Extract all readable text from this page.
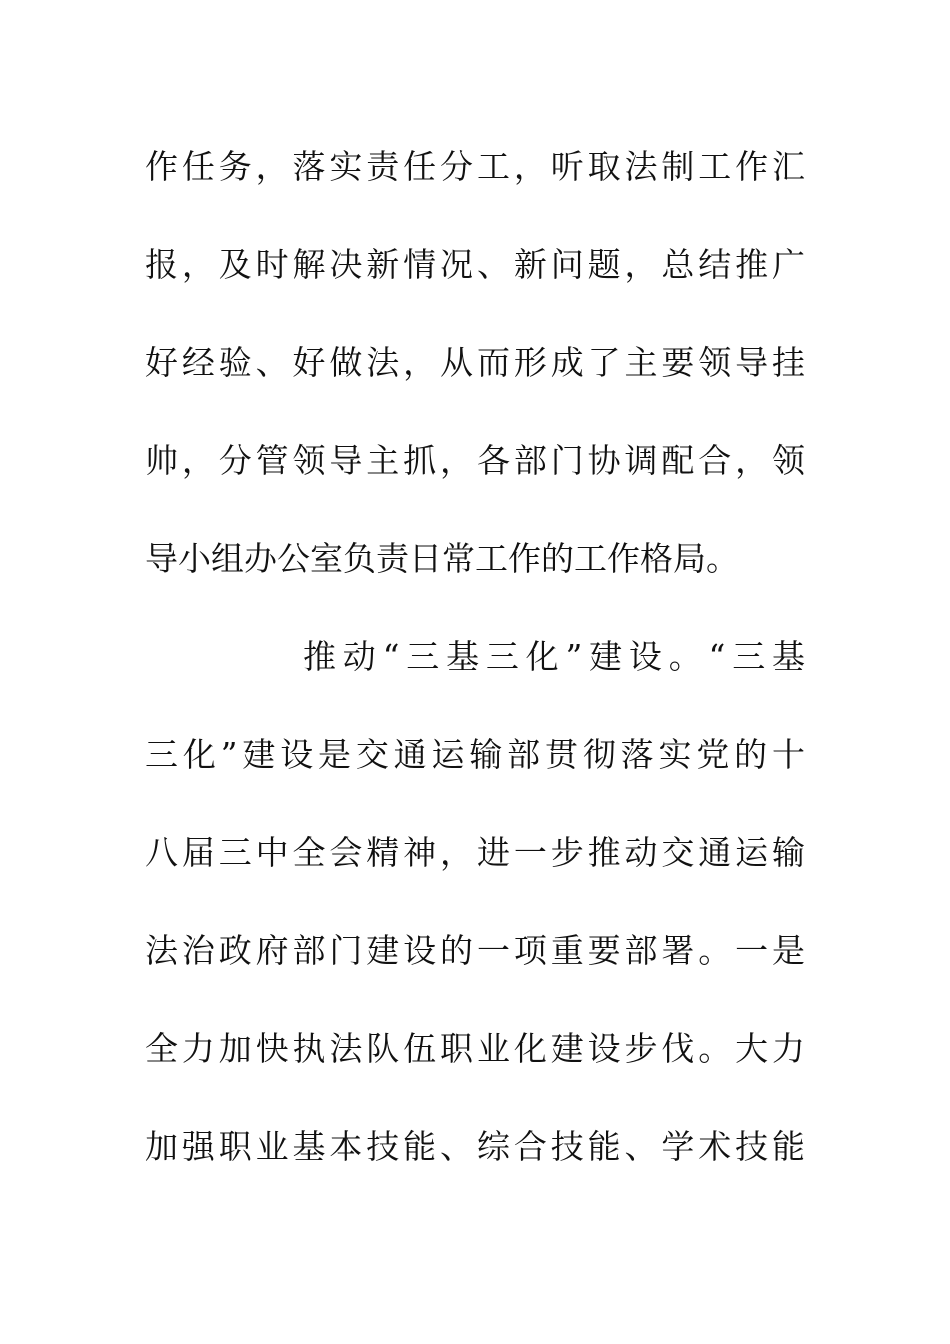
作任务，落实责任分工，听取法制工作汇
报，及时解决新情况、新问题，总结推广
好经验、好做法，从而形成了主要领导挂
帅，分管领导主抓，各部门协调配合，领
导小组办公室负责日常工作的工作格局。
推动“三基三化”建设。“三基
三化”建设是交通运输部贯彻落实党的十
八届三中全会精神，进一步推动交通运输
法治政府部门建设的一项重要部署。一是
全力加快执法队伍职业化建设步伐。大力
加强职业基本技能、综合技能、学术技能
